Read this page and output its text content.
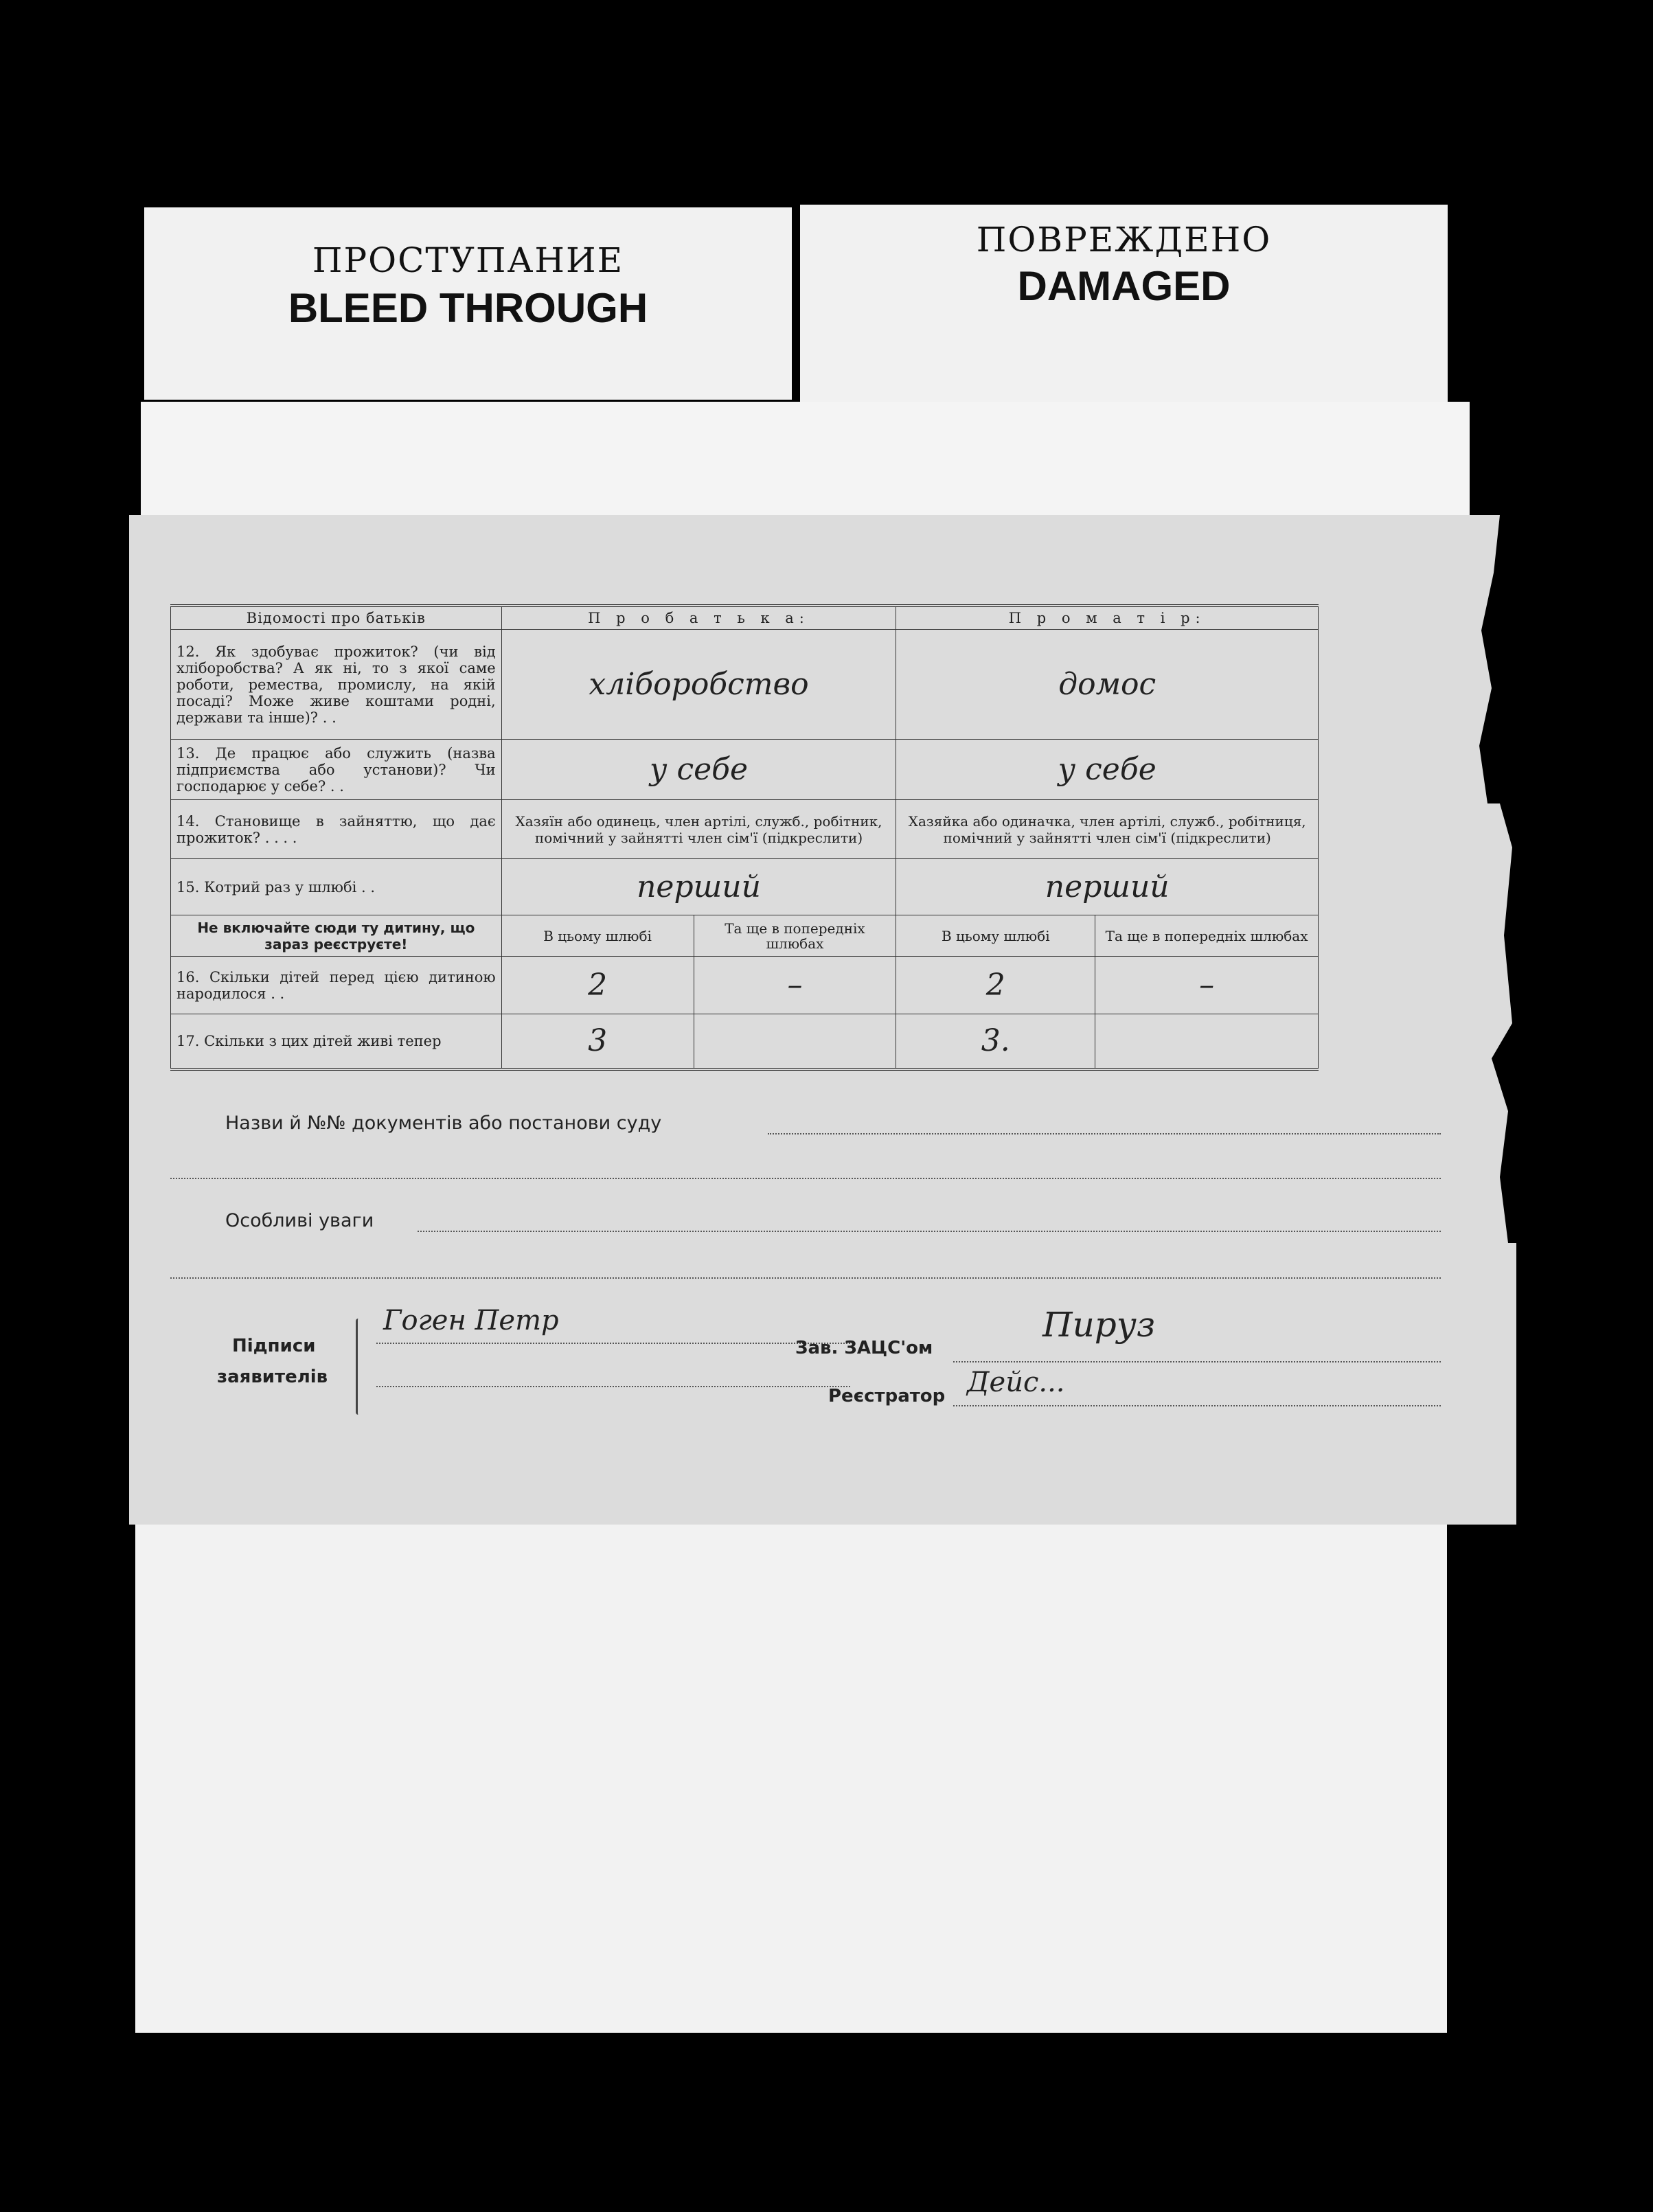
ПРОСТУПАНИЕ
BLEED THROUGH
ПОВРЕЖДЕНО
DAMAGED
Відомості про батьків	П р о б а т ь к а:		П р о м а т і р:	
12. Як здобуває прожиток? (чи від хліборобства? А як ні, то з якої саме роботи, ремества, промислу, на якій посаді? Може живе коштами родні, держави та інше)? . .	хліборобство		домос	
13. Де працює або служить (назва підприємства або установи)? Чи господарює у себе? . .	у себе		у себе	
14. Становище в зайняттю, що дає прожиток? . . . .	Хазяїн або одинець, член артілі, служб., робітник, помічний у зайнятті член сім'ї (підкреслити)		Хазяйка або одиначка, член артілі, служб., робітниця, помічний у зайнятті член сім'ї (підкреслити)	
15. Котрий раз у шлюбі . .	перший		перший	
Не включайте сюди ту дитину, що зараз реєструєте!	В цьому шлюбі	Та ще в попередніх шлюбах	В цьому шлюбі	Та ще в попередніх шлюбах
16. Скільки дітей перед цією дитиною народилося . .	2	–	2	–
17. Скільки з цих дітей живі тепер	3		3.	
Назви й №№ документів або постанови суду
Особливі уваги
Підписи
заявителів
Гоген Петр
Зав. ЗАЦС'ом
Пируз
Реєстратор Дейс...
